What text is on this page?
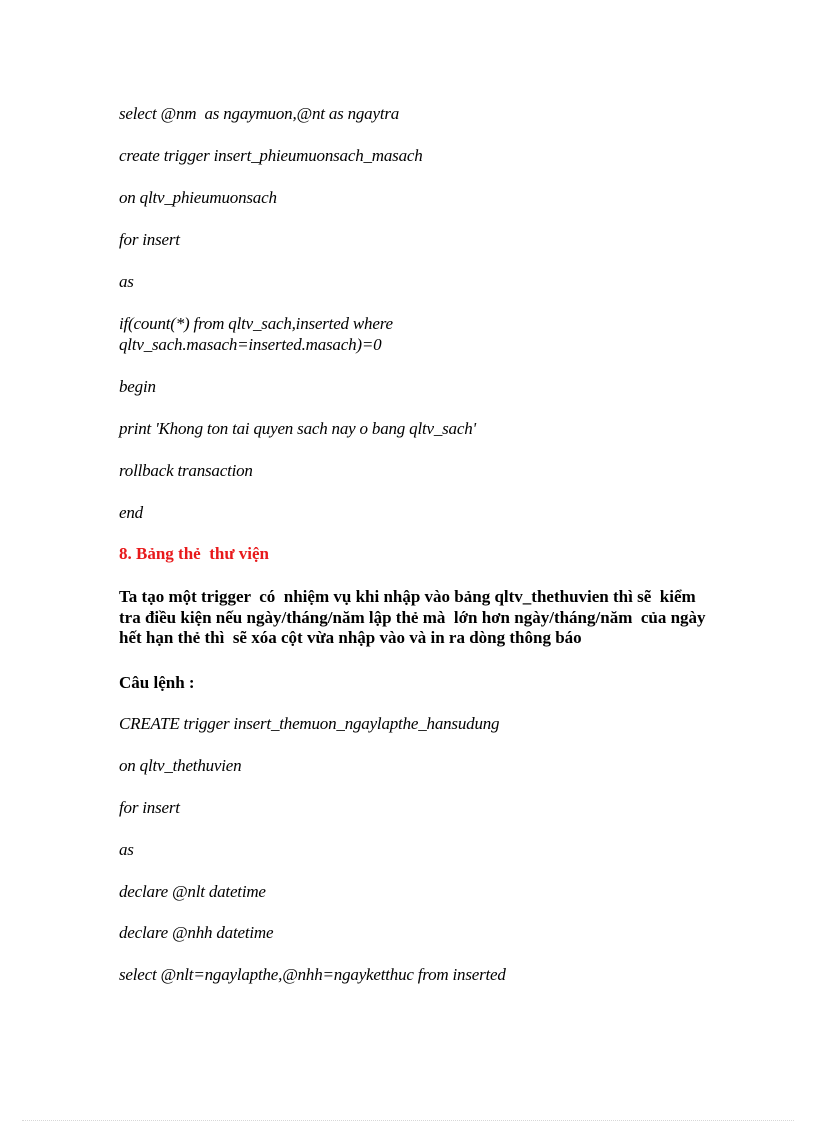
select @nm  as ngaymuon,@nt as ngaytra
create trigger insert_phieumuonsach_masach
on qltv_phieumuonsach
for insert
as
if(count(*) from qltv_sach,inserted where
qltv_sach.masach=inserted.masach)=0
begin
print 'Khong ton tai quyen sach nay o bang qltv_sach'
rollback transaction
end
8. Bảng thẻ  thư viện
Ta tạo một trigger  có  nhiệm vụ khi nhập vào bảng qltv_thethuvien thì sẽ  kiểm
tra điều kiện nếu ngày/tháng/năm lập thẻ mà  lớn hơn ngày/tháng/năm  của ngày
hết hạn thẻ thì  sẽ xóa cột vừa nhập vào và in ra dòng thông báo
Câu lệnh :
CREATE trigger insert_themuon_ngaylapthe_hansudung
on qltv_thethuvien
for insert
as
declare @nlt datetime
declare @nhh datetime
select @nlt=ngaylapthe,@nhh=ngayketthuc from inserted
